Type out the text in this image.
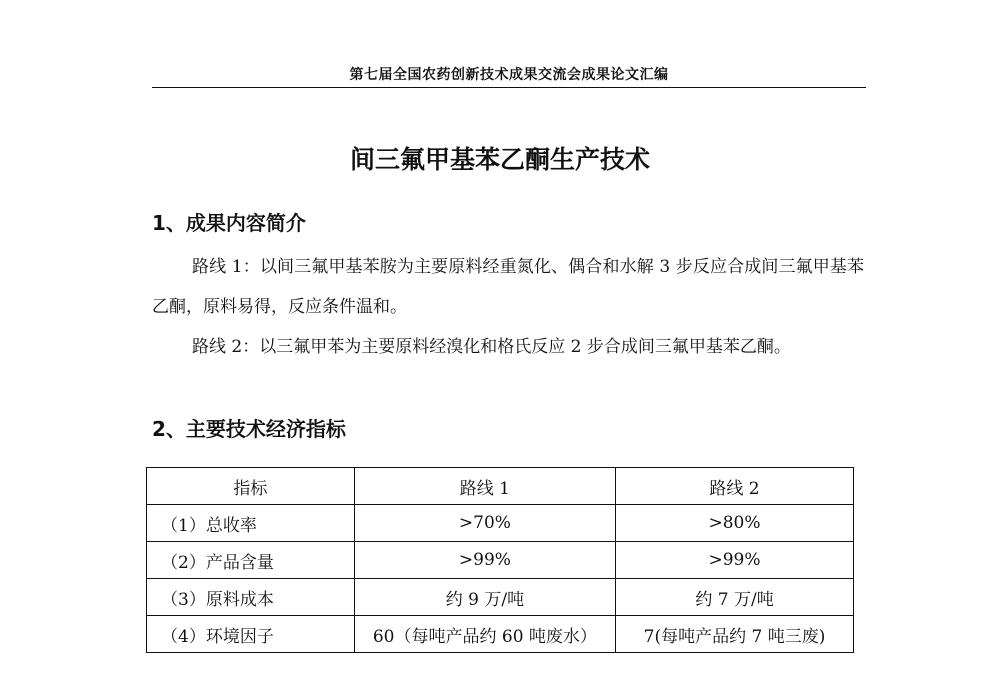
第七届全国农药创新技术成果交流会成果论文汇编
间三氟甲基苯乙酮生产技术
1、成果内容简介
路线 1：以间三氟甲基苯胺为主要原料经重氮化、偶合和水解 3 步反应合成间三氟甲基苯乙酮，原料易得，反应条件温和。
路线 2：以三氟甲苯为主要原料经溴化和格氏反应 2 步合成间三氟甲基苯乙酮。
2、主要技术经济指标
指标	路线 1	路线 2
（1）总收率	>70%	>80%
（2）产品含量	>99%	>99%
（3）原料成本	约 9 万/吨	约 7 万/吨
（4）环境因子	60（每吨产品约 60 吨废水）	7(每吨产品约 7 吨三废)
